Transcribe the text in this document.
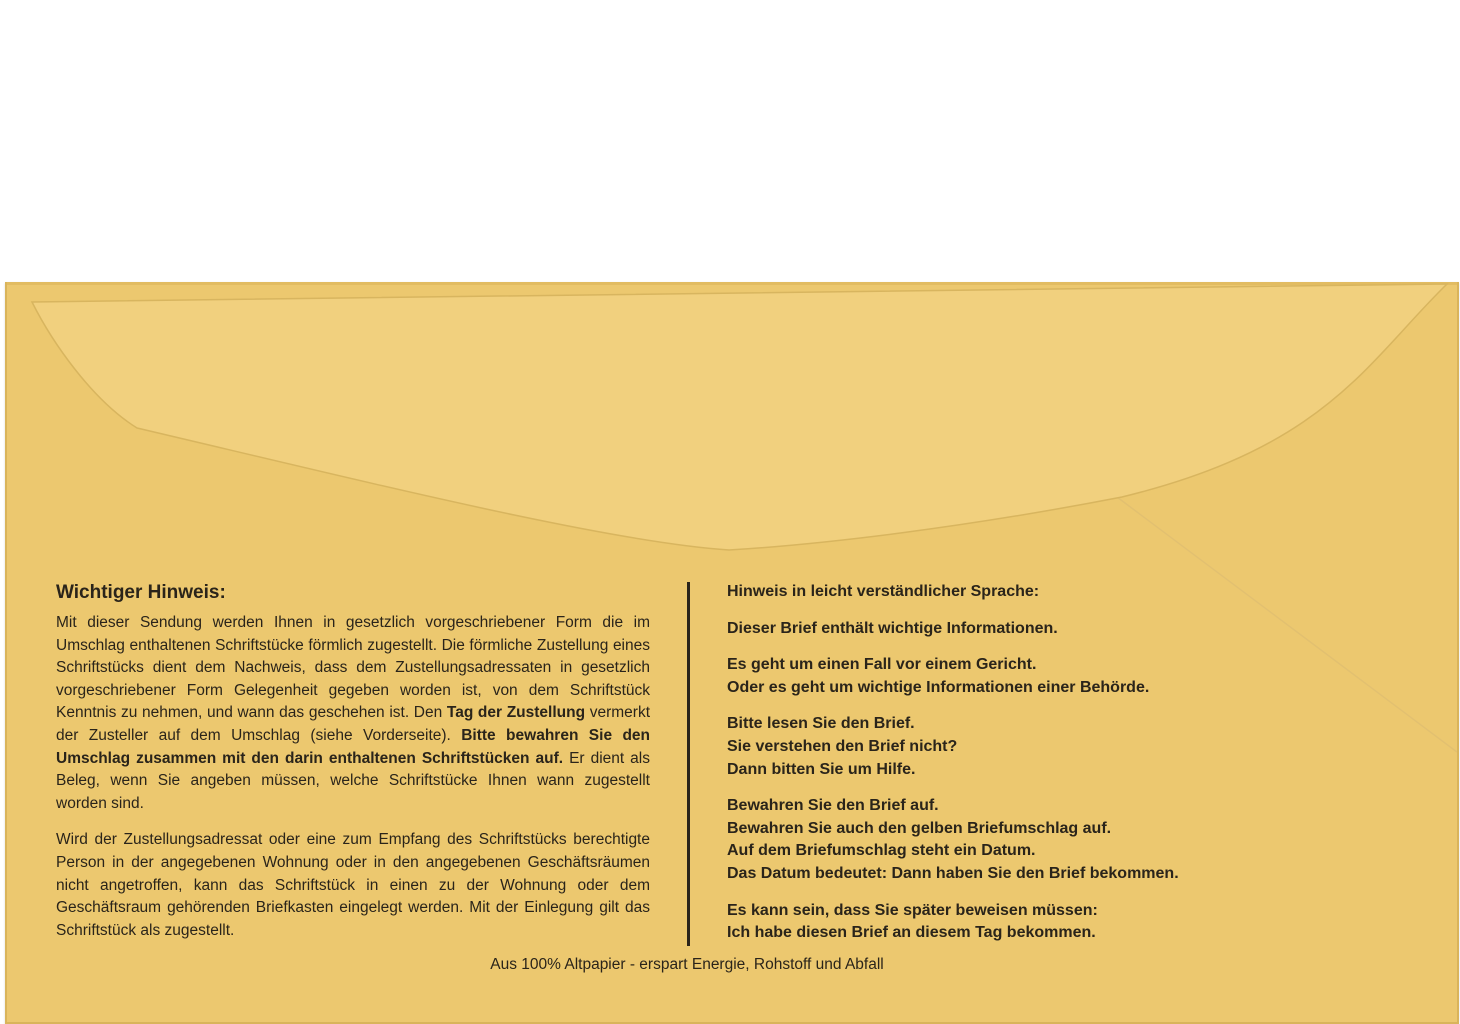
Wichtiger Hinweis:

Mit dieser Sendung werden Ihnen in gesetzlich vorgeschriebener Form die im Umschlag enthaltenen Schriftstücke förmlich zugestellt. Die förmliche Zustellung eines Schriftstücks dient dem Nachweis, dass dem Zustellungsadressaten in gesetzlich vorgeschriebener Form Gelegenheit gegeben worden ist, von dem Schriftstück Kenntnis zu nehmen, und wann das geschehen ist. Den Tag der Zustellung vermerkt der Zusteller auf dem Umschlag (siehe Vorderseite). Bitte bewahren Sie den Umschlag zusammen mit den darin enthaltenen Schriftstücken auf. Er dient als Beleg, wenn Sie angeben müssen, welche Schriftstücke Ihnen wann zugestellt worden sind.

Wird der Zustellungsadressat oder eine zum Empfang des Schriftstücks berechtigte Person in der angegebenen Wohnung oder in den angegebenen Geschäftsräumen nicht angetroffen, kann das Schriftstück in einen zu der Wohnung oder dem Geschäftsraum gehörenden Briefkasten eingelegt werden. Mit der Einlegung gilt das Schriftstück als zugestellt.

Hinweis in leicht verständlicher Sprache:
Dieser Brief enthält wichtige Informationen.
Es geht um einen Fall vor einem Gericht.
Oder es geht um wichtige Informationen einer Behörde.
Bitte lesen Sie den Brief.
Sie verstehen den Brief nicht?
Dann bitten Sie um Hilfe.
Bewahren Sie den Brief auf.
Bewahren Sie auch den gelben Briefumschlag auf.
Auf dem Briefumschlag steht ein Datum.
Das Datum bedeutet: Dann haben Sie den Brief bekommen.
Es kann sein, dass Sie später beweisen müssen:
Ich habe diesen Brief an diesem Tag bekommen.
Aus 100% Altpapier - erspart Energie, Rohstoff und Abfall
